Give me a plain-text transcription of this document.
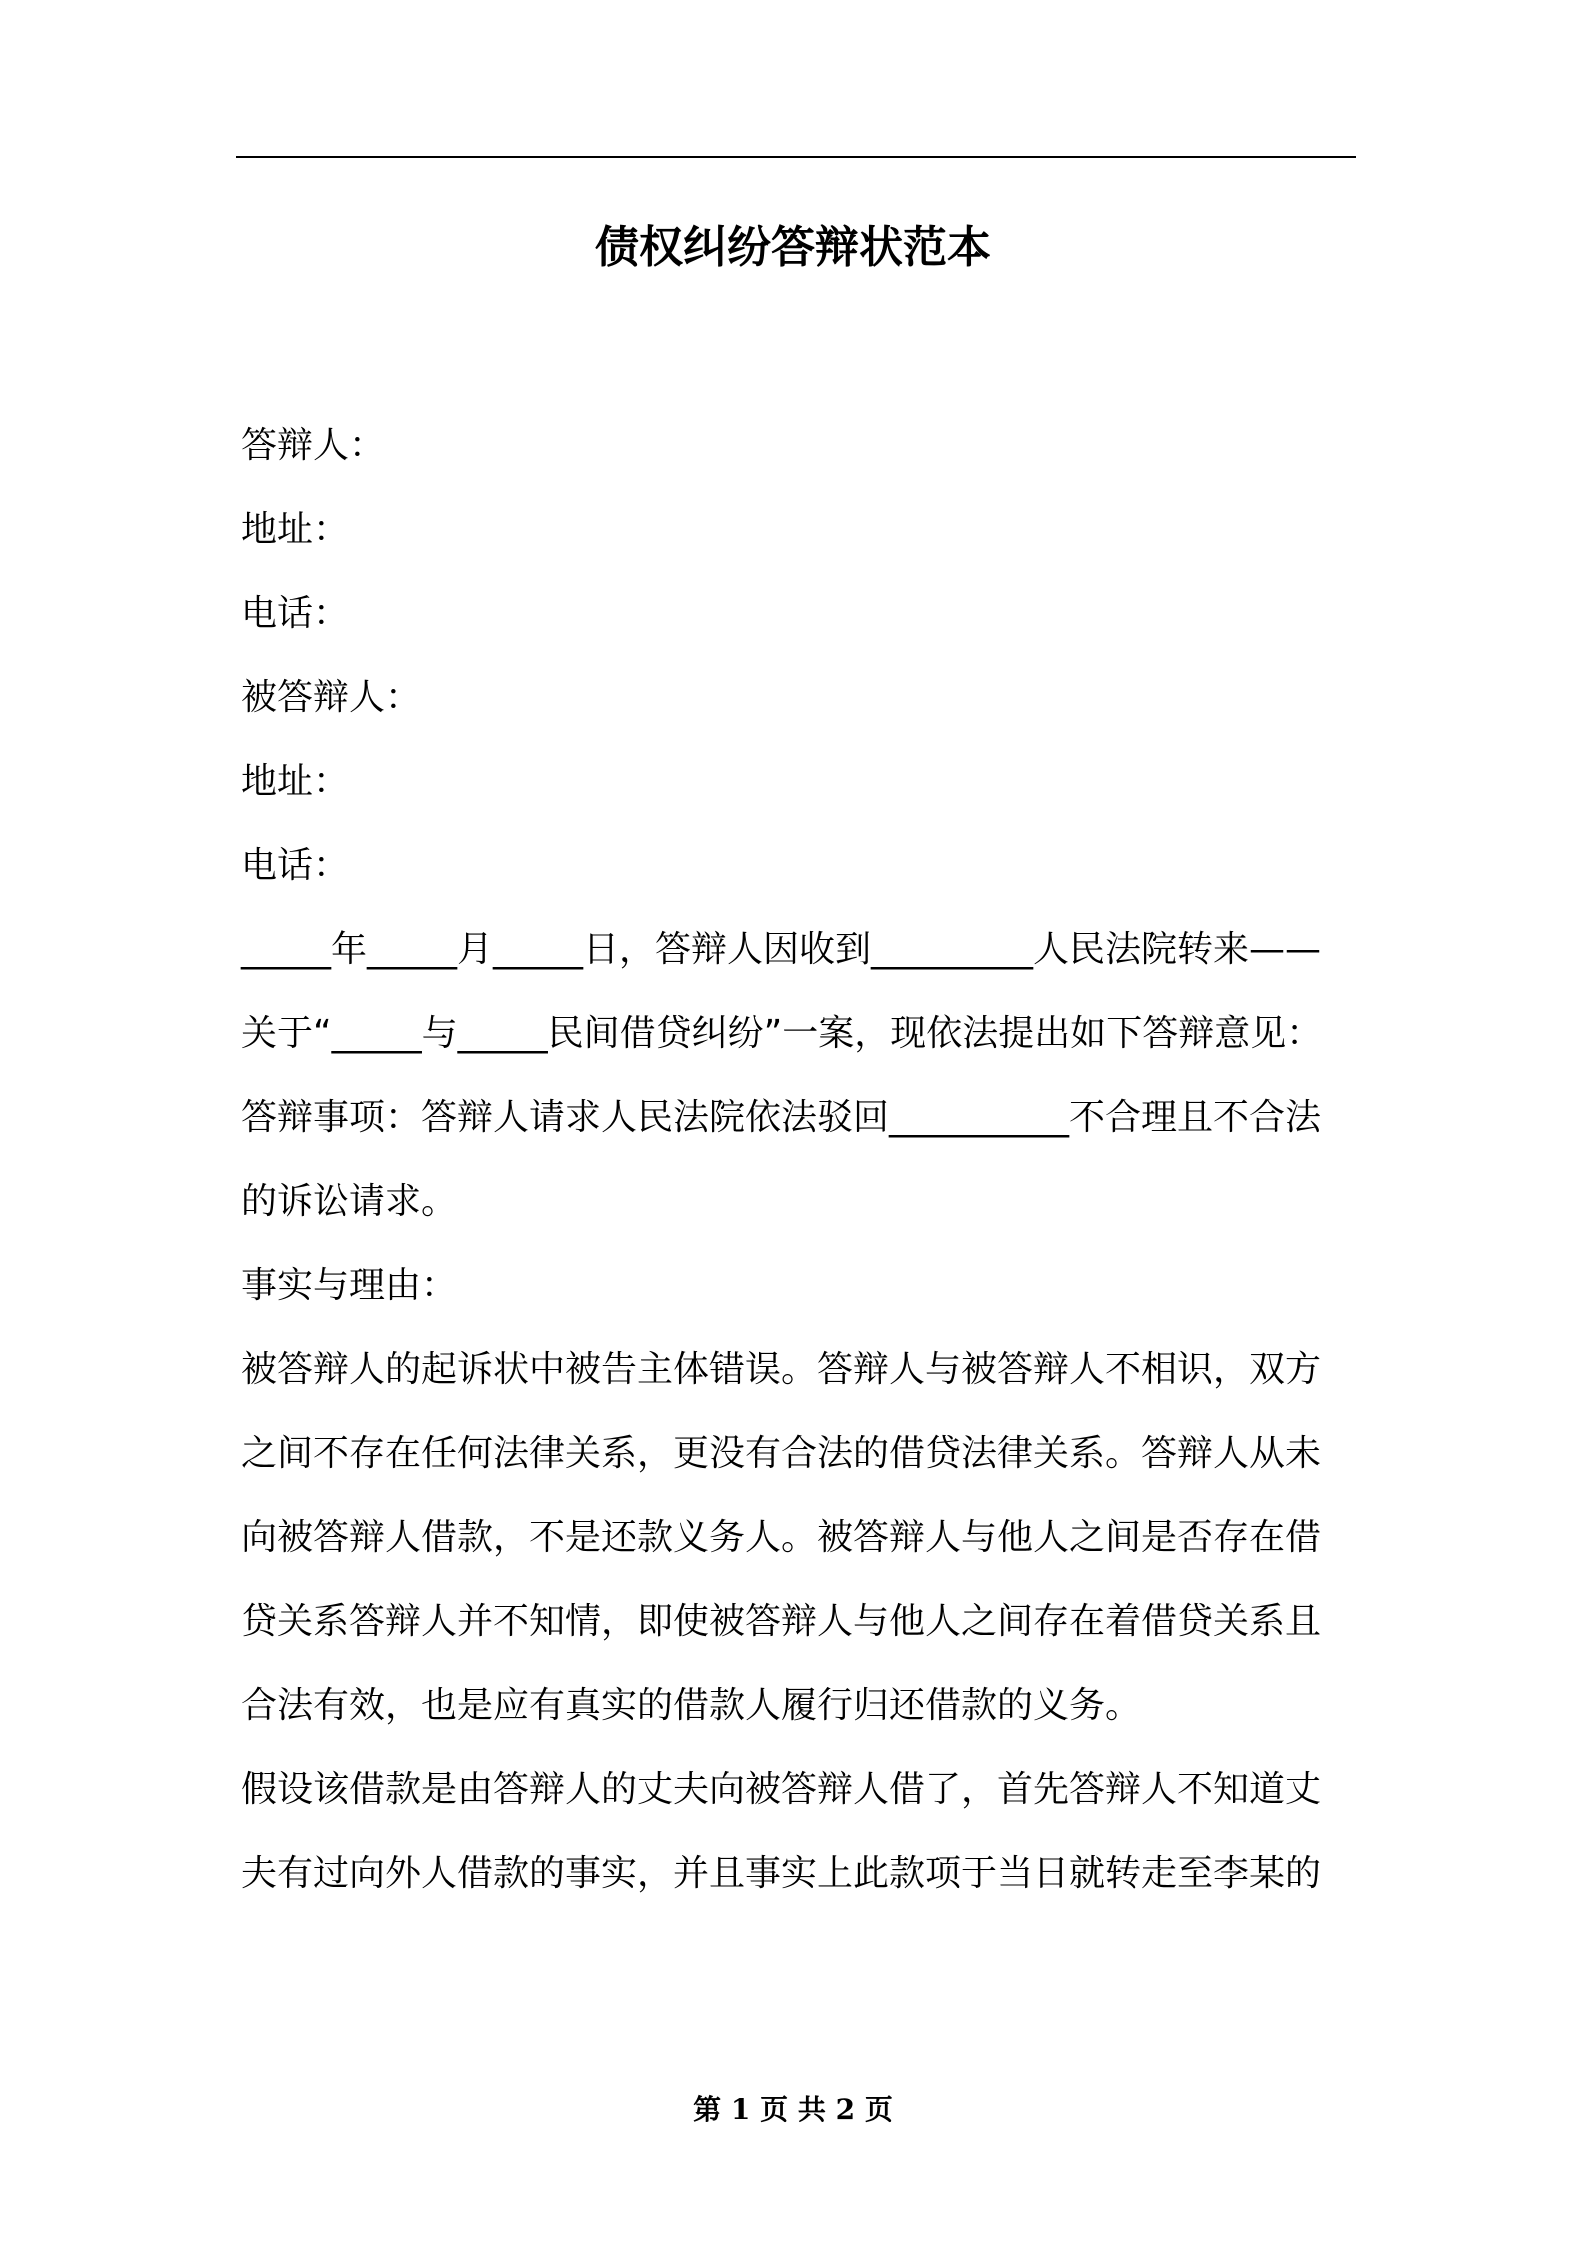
债权纠纷答辩状范本

答辩人：

地址：

电话：

被答辩人：

地址：

电话：

_____年_____月_____日，答辩人因收到_________人民法院转来——关于“_____与_____民间借贷纠纷”一案，现依法提出如下答辩意见：

答辩事项：答辩人请求人民法院依法驳回__________不合理且不合法的诉讼请求。

事实与理由：

被答辩人的起诉状中被告主体错误。答辩人与被答辩人不相识，双方之间不存在任何法律关系，更没有合法的借贷法律关系。答辩人从未向被答辩人借款，不是还款义务人。被答辩人与他人之间是否存在借贷关系答辩人并不知情，即使被答辩人与他人之间存在着借贷关系且合法有效，也是应有真实的借款人履行归还借款的义务。

假设该借款是由答辩人的丈夫向被答辩人借了，首先答辩人不知道丈夫有过向外人借款的事实，并且事实上此款项于当日就转走至李某的

第 1 页 共 2 页
